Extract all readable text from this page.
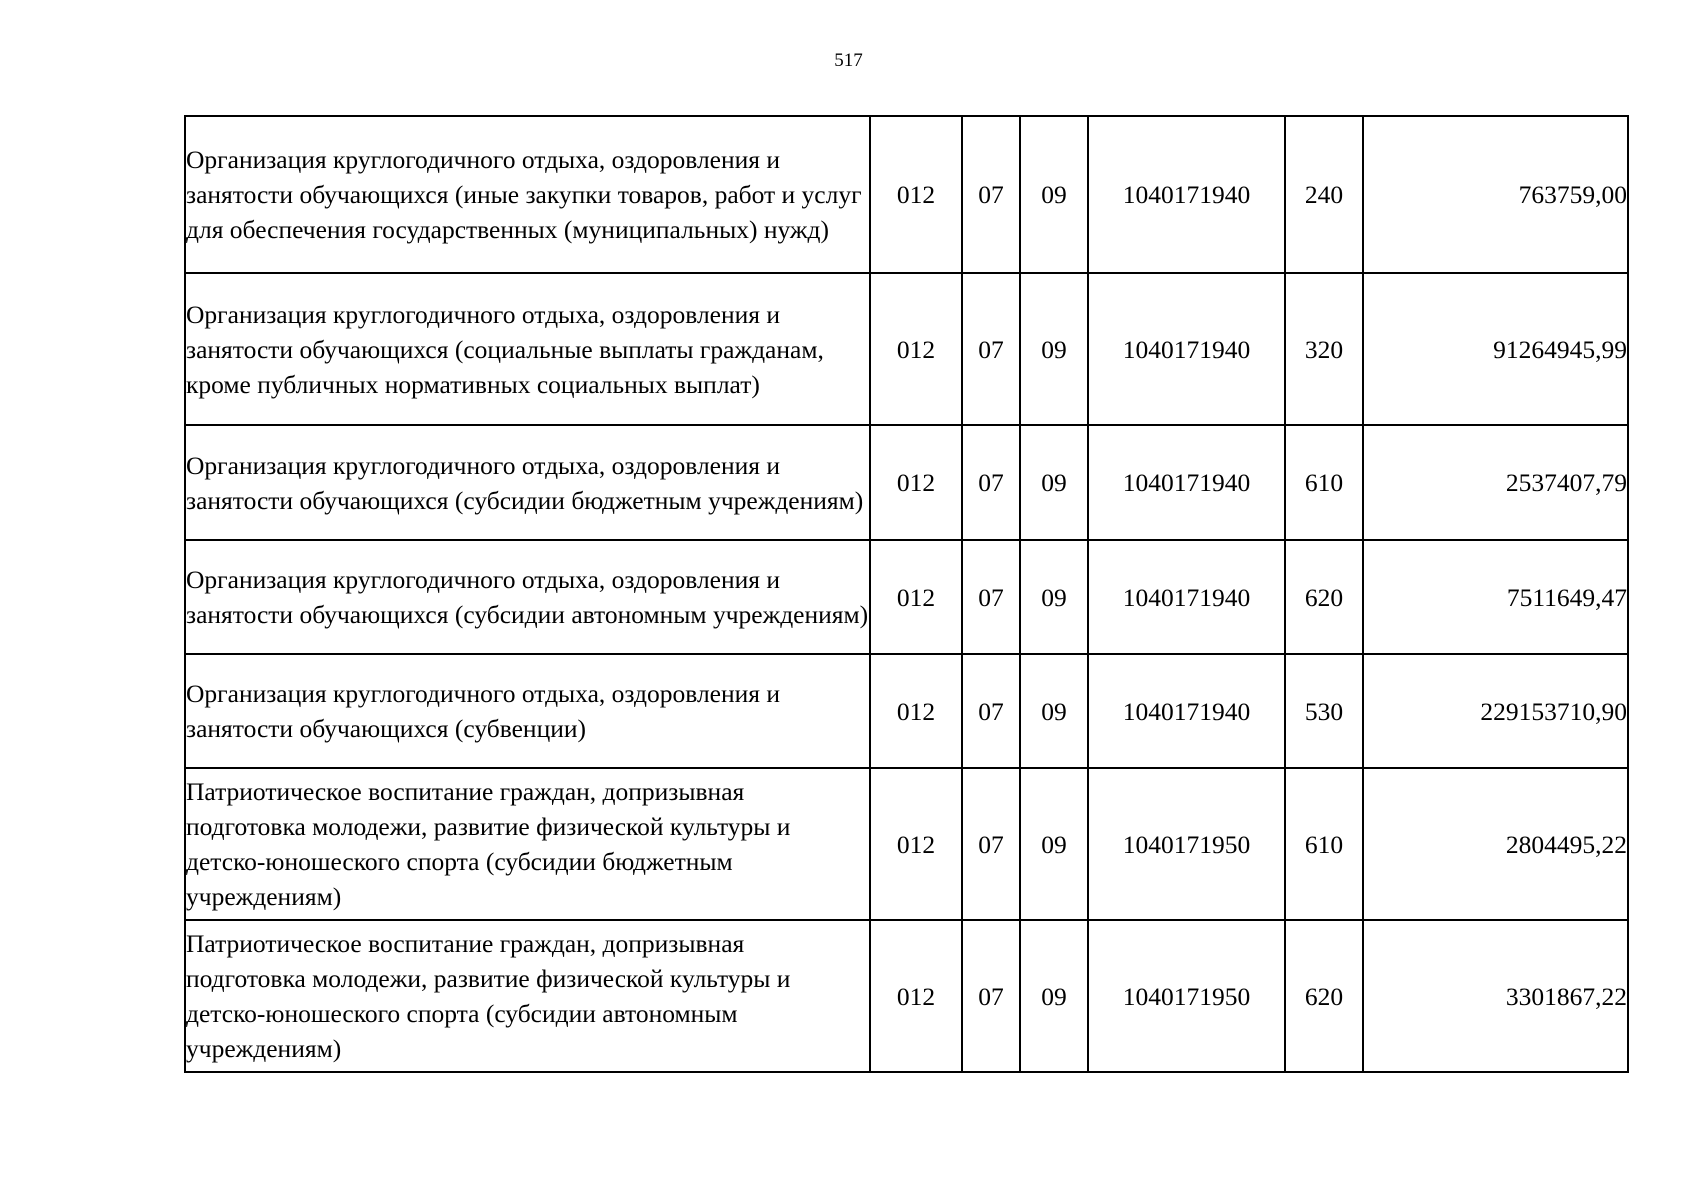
517
Организация круглогодичного отдыха, оздоровления и занятости обучающихся (иные закупки товаров, работ и услуг для обеспечения государственных (муниципальных) нужд)	012	07	09	1040171940	240	763759,00
Организация круглогодичного отдыха, оздоровления и занятости обучающихся (социальные выплаты гражданам, кроме публичных нормативных социальных выплат)	012	07	09	1040171940	320	91264945,99
Организация круглогодичного отдыха, оздоровления и занятости обучающихся (субсидии бюджетным учреждениям)	012	07	09	1040171940	610	2537407,79
Организация круглогодичного отдыха, оздоровления и занятости обучающихся (субсидии автономным учреждениям)	012	07	09	1040171940	620	7511649,47
Организация круглогодичного отдыха, оздоровления и занятости обучающихся (субвенции)	012	07	09	1040171940	530	229153710,90
Патриотическое воспитание граждан, допризывная подготовка молодежи, развитие физической культуры и детско-юношеского спорта (субсидии бюджетным учреждениям)	012	07	09	1040171950	610	2804495,22
Патриотическое воспитание граждан, допризывная подготовка молодежи, развитие физической культуры и детско-юношеского спорта (субсидии автономным учреждениям)	012	07	09	1040171950	620	3301867,22
